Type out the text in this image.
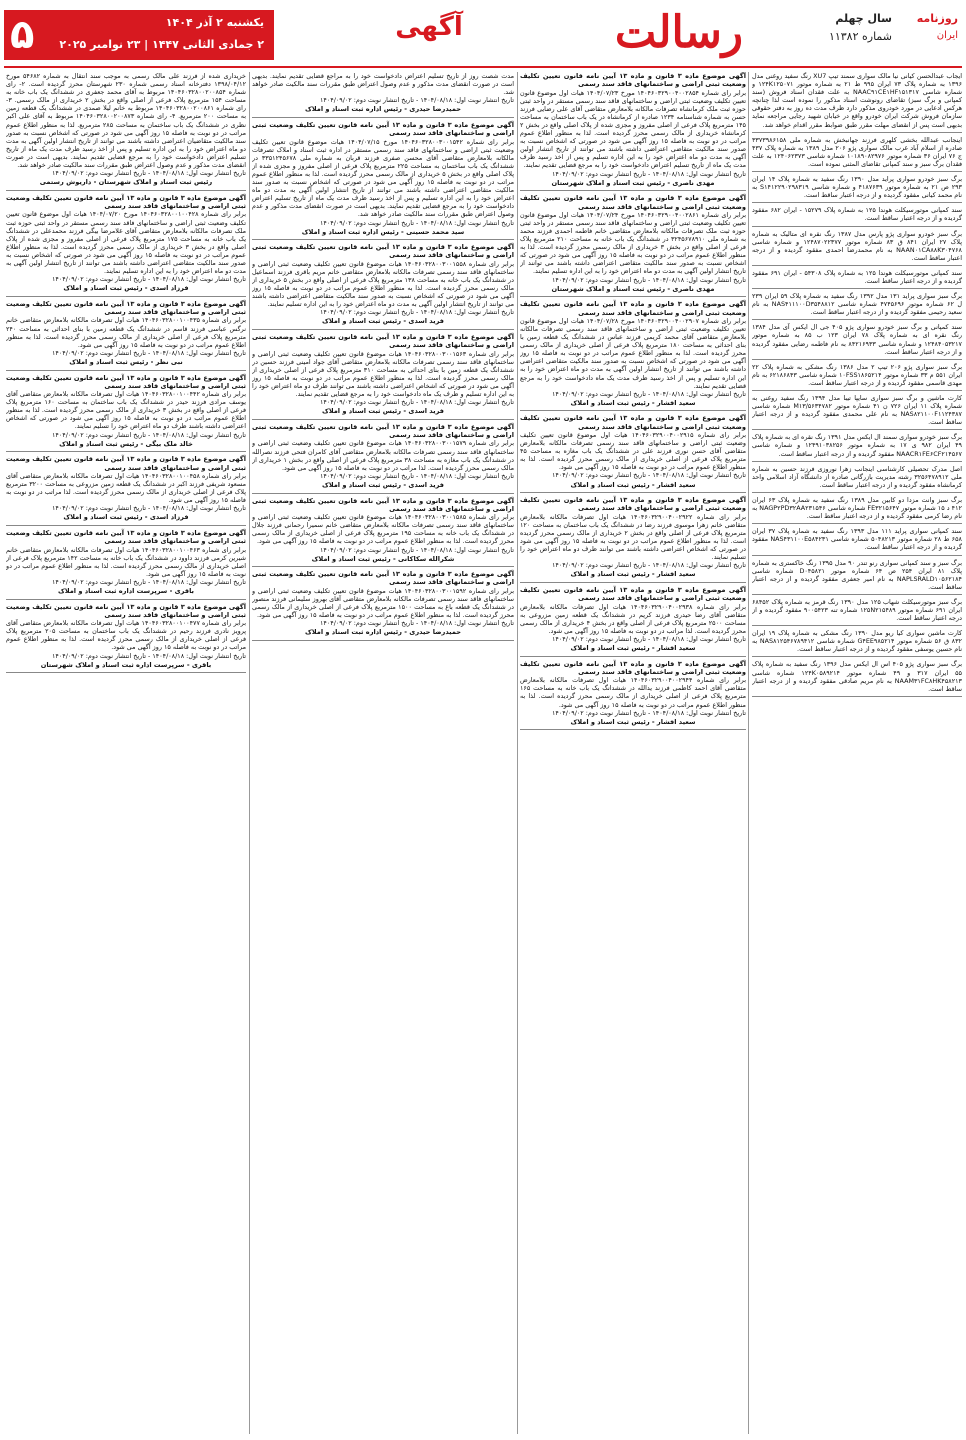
۵	یکشنبه ۲ آذر ۱۴۰۴
۲ جمادی الثانی ۱۴۴۷ | ۲۳ نوامبر ۲۰۲۵
آگهی	رسالت	روزنامه
ایران
سال چهلم
شماره ۱۱۳۸۲
ایجاب عبدالحسن کیانی نیا مالک سواری سمند تیپ XU7 رنگ سفید روغنی مدل ۱۳۹۶ به شماره پلاک ۷۳ ایران ۹۹۵ ط ۲۱ به شماره موتور ۱۲۴K۱۲۵۰۷۱ و شماره شاسی NAAC۹۱CE۱HF۱۵۱۳۱۷ به علت فقدان اسناد فروش (سند کمپانی و برگ سبز) تقاضای رونوشت اسناد مذکور را نموده است لذا چنانچه هرکس ادعایی در مورد خودروی مذکور دارد ظرف مدت ده روز به دفتر حقوقی سازمان فروش شرکت ایران خودرو واقع در خیابان شهید رجایی مراجعه نماید بدیهی است پس از انقضای مهلت مقرر طبق ضوابط مقرر اقدام خواهد شد.
اینجانب عبدالله بخشی کلهری فرزند جهانبخش به شماره ملی ۳۳۷۳۹۸۶۱۵۸ صادره از اسلام آباد غرب مالک سواری پژو ۲۰۶ مدل ۱۳۸۹ به شماره پلاک ۴۳۷ ج ۷۶ ایران ۳۶ شماره موتور ۱۰۱۸۹۰۸۲۹۷۶ شماره شاسی ۱۲۴۰۶۲۳۷۳ به علت فقدان برگ سبز و سند کمپانی تقاضای المثنی نموده است.
برگ سبز خودرو سواری پراید مدل ۱۳۹۰ رنگ سفید به شماره پلاک ۱۴ ایران ۲۹۳ ص ۲۱ به شماره موتور ۴۱۸۷۶۳۹ و شماره شاسی S۱۴۱۲۲۹۰۲۹۸۳۱۹ به نام محمد کیانی مفقود گردیده و از درجه اعتبار ساقط است.
سند کمپانی موتورسیکلت هوندا ۱۲۵ به شماره پلاک ۱۵۲۷۹ - ایران ۶۸۲ مفقود گردیده و از درجه اعتبار ساقط است.
برگ سبز خودرو سواری پژو پارس مدل ۱۳۸۷ رنگ نقره ای متالیک به شماره پلاک ۲۷ ایران ۸۴۱ ق ۸۳ شماره موتور ۱۲۴۸۷۰۲۲۳۷۷ و شماره شاسی NAAN۰۱CA۸۸K۳۰۴۷۶۸ به نام محمدرضا احمدی مفقود گردیده و از درجه اعتبار ساقط است.
سند کمپانی موتورسیکلت هوندا ۱۲۵ به شماره پلاک ۵۴۳۰۸ - ایران ۶۹۱ مفقود گردیده و از درجه اعتبار ساقط است.
برگ سبز سواری پراید ۱۳۱ مدل ۱۳۹۲ رنگ سفید به شماره پلاک ۵۹ ایران ۲۳۹ ل ۶۲ شماره موتور ۴۷۴۵۶۹۶ شماره شاسی NAS۴۱۱۱۰۰D۳۵۴۸۸۱۲ به نام سعید رحیمی مفقود گردیده و از درجه اعتبار ساقط است.
سند کمپانی و برگ سبز خودرو سواری پژو ۴۰۵ جی ال ایکس آی مدل ۱۳۸۴ رنگ نقره ای به شماره پلاک ۷۸ ایران ۱۲۳ ب ۸۵ به شماره موتور ۱۲۴۸۴۰۵۳۲۱۷ و شماره شاسی ۸۴۲۱۶۹۳۳ به نام فاطمه رضایی مفقود گردیده و از درجه اعتبار ساقط است.
برگ سبز سواری پژو ۲۰۶ تیپ ۲ مدل ۱۳۸۶ رنگ مشکی به شماره پلاک ۲۲ ایران ۵۵۱ م ۳۳ شماره موتور ۱۰FSS۱۸۶۵۲۱۴ شماره شاسی ۶۲۱۸۶۸۴۳ به نام مهدی قاسمی مفقود گردیده و از درجه اعتبار ساقط است.
کارت ماشین و برگ سبز سواری سایپا تیبا مدل ۱۳۹۴ رنگ سفید روغنی به شماره پلاک ۱۱ ایران ۷۲۶ ن ۴۱ شماره موتور M۱۳/۵۶۳۴۷۸۲ شماره شاسی NAS۸۲۱۱۰۰F۱۱۲۴۳۸۷ به نام علی محمدی مفقود گردیده و از درجه اعتبار ساقط است.
برگ سبز خودرو سواری سمند ال ایکس مدل ۱۳۹۱ رنگ نقره ای به شماره پلاک ۴۹ ایران ۹۸۲ ی ۱۷ به شماره موتور ۱۲۴۹۱۰۳۸۲۵۶ و شماره شاسی NAACR۱FE۶CF۲۱۴۵۶۷ مفقود گردیده و از درجه اعتبار ساقط است.
اصل مدرک تحصیلی کارشناسی اینجانب زهرا نوروزی فرزند حسین به شماره ملی ۳۲۵۶۴۷۸۹۱۲ رشته مدیریت بازرگانی صادره از دانشگاه آزاد اسلامی واحد کرمانشاه مفقود گردیده و از درجه اعتبار ساقط است.
برگ سبز وانت مزدا دو کابین مدل ۱۳۸۹ رنگ سفید به شماره پلاک ۶۳ ایران ۴۱۲ د ۱۵ شماره موتور FE۳۲۱۵۶۴۷ شماره شاسی NAGP۲PD۳۲AA۲۳۱۵۴۶ به نام رضا کرمی مفقود گردیده و از درجه اعتبار ساقط است.
سند کمپانی سواری پراید ۱۱۱ مدل ۱۳۹۳ رنگ سفید به شماره پلاک ۳۷ ایران ۶۵۸ ط ۲۸ شماره موتور ۵۰۴۸۲۱۳ شماره شاسی NAS۴۳۱۱۰۰E۵۸۴۲۳۱ مفقود گردیده و از درجه اعتبار ساقط است.
برگ سبز و سند کمپانی سواری رنو تندر ۹۰ مدل ۱۳۹۵ رنگ خاکستری به شماره پلاک ۸۱ ایران ۲۵۴ ص ۶۴ شماره موتور D۰۴۵۸۲۱ شماره شاسی NAPLSRALD۱۰۵۶۲۱۸۴ به نام امیر جعفری مفقود گردیده و از درجه اعتبار ساقط است.
برگ سبز موتورسیکلت شهاب ۱۲۵ مدل ۱۳۹۰ رنگ قرمز به شماره پلاک ۶۸۴۵۲ ایران ۶۹۱ شماره موتور ۱۲۵N۲۱۵۴۸۹ شماره تنه ۹۰۰۵۴۲۳ مفقود گردیده و از درجه اعتبار ساقط است.
کارت ماشین سواری کیا ریو مدل ۱۳۹۰ رنگ مشکی به شماره پلاک ۱۹ ایران ۸۳۲ ق ۵۶ شماره موتور G۴EE۹۸۵۲۱۴ شماره شاسی NAS۸۱۲۵۴۶۷۸۹۴۱۲ به نام حسین یوسفی مفقود گردیده و از درجه اعتبار ساقط است.
برگ سبز سواری پژو ۴۰۵ اس ال ایکس مدل ۱۳۹۶ رنگ سفید به شماره پلاک ۵۵ ایران ۳۱۷ و ۴۹ شماره موتور ۱۲۴K۰۵۸۹۲۱۴ شماره شاسی NAAM۳۱FC۸HK۴۵۸۲۱۳ به نام مریم صادقی مفقود گردیده و از درجه اعتبار ساقط است.
آگهی موضوع ماده ۳ قانون و ماده ۱۳ آیین نامه قانون تعیین تکلیف وضعیت ثبتی اراضی و ساختمانهای فاقد سند رسمی
برابر رای شماره ۱۴۰۴۶۰۳۲۹۰۰۴۰۰۲۸۵۴ مورخ ۱۴۰۴/۰۷/۲۳ هیات اول موضوع قانون تعیین تکلیف وضعیت ثبتی اراضی و ساختمانهای فاقد سند رسمی مستقر در واحد ثبتی حوزه ثبت ملک کرمانشاه تصرفات مالکانه بلامعارض متقاضی آقای علی رضایی فرزند حسن به شماره شناسنامه ۱۲۳۴ صادره از کرمانشاه در یک باب ساختمان به مساحت ۱۴۵ مترمربع پلاک فرعی از اصلی مفروز و مجزی شده از پلاک اصلی واقع در بخش ۲ کرمانشاه خریداری از مالک رسمی محرز گردیده است. لذا به منظور اطلاع عموم مراتب در دو نوبت به فاصله ۱۵ روز آگهی می شود در صورتی که اشخاص نسبت به صدور سند مالکیت متقاضی اعتراضی داشته باشند می توانند از تاریخ انتشار اولین آگهی به مدت دو ماه اعتراض خود را به این اداره تسلیم و پس از اخذ رسید ظرف مدت یک ماه از تاریخ تسلیم اعتراض دادخواست خود را به مرجع قضایی تقدیم نمایند.
تاریخ انتشار نوبت اول: ۱۴۰۴/۰۸/۱۸ - تاریخ انتشار نوبت دوم: ۱۴۰۴/۰۹/۰۲
مهدی ناصری - رئیس ثبت اسناد و املاک شهرستان
آگهی موضوع ماده ۳ قانون و ماده ۱۳ آیین نامه قانون تعیین تکلیف وضعیت ثبتی اراضی و ساختمانهای فاقد سند رسمی
برابر رای شماره ۱۴۰۴۶۰۳۲۹۰۰۴۰۰۲۸۶۱ مورخ ۱۴۰۴/۰۷/۲۴ هیات اول موضوع قانون تعیین تکلیف وضعیت ثبتی اراضی و ساختمانهای فاقد سند رسمی مستقر در واحد ثبتی حوزه ثبت ملک تصرفات مالکانه بلامعارض متقاضی خانم فاطمه احمدی فرزند محمد به شماره ملی ۳۲۴۵۶۷۸۹۱۰ در ششدانگ یک باب خانه به مساحت ۲۱۰ مترمربع پلاک فرعی از اصلی واقع در بخش ۳ خریداری از مالک رسمی محرز گردیده است. لذا به منظور اطلاع عموم مراتب در دو نوبت به فاصله ۱۵ روز آگهی می شود در صورتی که اشخاص نسبت به صدور سند مالکیت متقاضی اعتراضی داشته باشند می توانند از تاریخ انتشار اولین آگهی به مدت دو ماه اعتراض خود را به این اداره تسلیم نمایند.
تاریخ انتشار نوبت اول: ۱۴۰۴/۰۸/۱۸ - تاریخ انتشار نوبت دوم: ۱۴۰۴/۰۹/۰۲
مهدی ناصری - رئیس ثبت اسناد و املاک شهرستان
آگهی موضوع ماده ۳ قانون و ماده ۱۳ آیین نامه قانون تعیین تکلیف وضعیت ثبتی اراضی و ساختمانهای فاقد سند رسمی
برابر رای شماره ۱۴۰۴۶۰۳۲۹۰۰۴۰۰۲۹۰۷ مورخ ۱۴۰۴/۰۷/۲۸ هیات اول موضوع قانون تعیین تکلیف وضعیت ثبتی اراضی و ساختمانهای فاقد سند رسمی تصرفات مالکانه بلامعارض متقاضی آقای محمد کریمی فرزند عباس در ششدانگ یک قطعه زمین با بنای احداثی به مساحت ۱۸۰ مترمربع پلاک فرعی از اصلی خریداری از مالک رسمی محرز گردیده است. لذا به منظور اطلاع عموم مراتب در دو نوبت به فاصله ۱۵ روز آگهی می شود در صورتی که اشخاص نسبت به صدور سند مالکیت متقاضی اعتراضی داشته باشند می توانند از تاریخ انتشار اولین آگهی به مدت دو ماه اعتراض خود را به این اداره تسلیم و پس از اخذ رسید ظرف مدت یک ماه دادخواست خود را به مرجع قضایی تقدیم نمایند.
تاریخ انتشار نوبت اول: ۱۴۰۴/۰۸/۱۸ - تاریخ انتشار نوبت دوم: ۱۴۰۴/۰۹/۰۲
سعید افشار - رئیس ثبت اسناد و املاک
آگهی موضوع ماده ۳ قانون و ماده ۱۳ آیین نامه قانون تعیین تکلیف وضعیت ثبتی اراضی و ساختمانهای فاقد سند رسمی
برابر رای شماره ۱۴۰۴۶۰۳۲۹۰۰۴۰۰۲۹۱۵ هیات اول موضوع قانون تعیین تکلیف وضعیت ثبتی اراضی و ساختمانهای فاقد سند رسمی تصرفات مالکانه بلامعارض متقاضی آقای حسن نوری فرزند علی در ششدانگ یک باب مغازه به مساحت ۴۵ مترمربع پلاک فرعی از اصلی خریداری از مالک رسمی محرز گردیده است. لذا به منظور اطلاع عموم مراتب در دو نوبت به فاصله ۱۵ روز آگهی می شود.
تاریخ انتشار نوبت اول: ۱۴۰۴/۰۸/۱۸ - تاریخ انتشار نوبت دوم: ۱۴۰۴/۰۹/۰۲
سعید افشار - رئیس ثبت اسناد و املاک
آگهی موضوع ماده ۳ قانون و ماده ۱۳ آیین نامه قانون تعیین تکلیف وضعیت ثبتی اراضی و ساختمانهای فاقد سند رسمی
برابر رای شماره ۱۴۰۴۶۰۳۲۹۰۰۴۰۰۲۹۲۲ هیات اول تصرفات مالکانه بلامعارض متقاضی خانم زهرا موسوی فرزند رضا در ششدانگ یک باب ساختمان به مساحت ۱۲۰ مترمربع پلاک فرعی از اصلی واقع در بخش ۲ خریداری از مالک رسمی محرز گردیده است. لذا به منظور اطلاع عموم مراتب در دو نوبت به فاصله ۱۵ روز آگهی می شود در صورتی که اشخاص اعتراضی داشته باشند می توانند ظرف دو ماه اعتراض خود را تسلیم نمایند.
تاریخ انتشار نوبت اول: ۱۴۰۴/۰۸/۱۸ - تاریخ انتشار نوبت دوم: ۱۴۰۴/۰۹/۰۲
سعید افشار - رئیس ثبت اسناد و املاک
آگهی موضوع ماده ۳ قانون و ماده ۱۳ آیین نامه قانون تعیین تکلیف وضعیت ثبتی اراضی و ساختمانهای فاقد سند رسمی
برابر رای شماره ۱۴۰۴۶۰۳۲۹۰۰۴۰۰۲۹۳۸ هیات اول تصرفات مالکانه بلامعارض متقاضی آقای رضا حیدری فرزند کریم در ششدانگ یک قطعه زمین مزروعی به مساحت ۲۵۰۰ مترمربع پلاک فرعی از اصلی واقع در بخش ۴ خریداری از مالک رسمی محرز گردیده است. لذا مراتب در دو نوبت به فاصله ۱۵ روز آگهی می شود.
تاریخ انتشار نوبت اول: ۱۴۰۴/۰۸/۱۸ - تاریخ انتشار نوبت دوم: ۱۴۰۴/۰۹/۰۲
سعید افشار - رئیس ثبت اسناد و املاک
آگهی موضوع ماده ۳ قانون و ماده ۱۳ آیین نامه قانون تعیین تکلیف وضعیت ثبتی اراضی و ساختمانهای فاقد سند رسمی
برابر رای شماره ۱۴۰۴۶۰۳۲۹۰۰۴۰۰۲۹۴۴ هیات اول تصرفات مالکانه بلامعارض متقاضی آقای احمد کاظمی فرزند یدالله در ششدانگ یک باب خانه به مساحت ۱۶۵ مترمربع پلاک فرعی از اصلی خریداری از مالک رسمی محرز گردیده است. لذا به منظور اطلاع عموم مراتب در دو نوبت به فاصله ۱۵ روز آگهی می شود.
تاریخ انتشار نوبت اول: ۱۴۰۴/۰۸/۱۸ - تاریخ انتشار نوبت دوم: ۱۴۰۴/۰۹/۰۲
سعید افشار - رئیس ثبت اسناد و املاک
مدت شصت روز از تاریخ تسلیم اعتراض دادخواست خود را به مراجع قضایی تقدیم نمایند. بدیهی است در صورت انقضای مدت مذکور و عدم وصول اعتراض طبق مقررات سند مالکیت صادر خواهد شد.
تاریخ انتشار نوبت اول: ۱۴۰۴/۰۸/۱۸ - تاریخ انتشار نوبت دوم: ۱۴۰۴/۰۹/۰۲
حمیدرضا حیدری - رئیس اداره ثبت اسناد و املاک
آگهی موضوع ماده ۳ قانون و ماده ۱۳ آیین نامه قانون تعیین تکلیف وضعیت ثبتی اراضی و ساختمانهای فاقد سند رسمی
برابر رای شماره ۱۴۰۴۶۰۳۲۸۰۰۳۰۰۱۵۴۲ مورخ ۱۴۰۴/۰۷/۱۵ هیات موضوع قانون تعیین تکلیف وضعیت ثبتی اراضی و ساختمانهای فاقد سند رسمی مستقر در اداره ثبت اسناد و املاک تصرفات مالکانه بلامعارض متقاضی آقای محسن صفری فرزند قربان به شماره ملی ۳۳۵۱۲۴۵۶۷۸ در ششدانگ یک باب ساختمان به مساحت ۲۲۵ مترمربع پلاک فرعی از اصلی مفروز و مجزی شده از پلاک اصلی واقع در بخش ۵ خریداری از مالک رسمی محرز گردیده است. لذا به منظور اطلاع عموم مراتب در دو نوبت به فاصله ۱۵ روز آگهی می شود در صورتی که اشخاص نسبت به صدور سند مالکیت متقاضی اعتراضی داشته باشند می توانند از تاریخ انتشار اولین آگهی به مدت دو ماه اعتراض خود را به این اداره تسلیم و پس از اخذ رسید ظرف مدت یک ماه از تاریخ تسلیم اعتراض دادخواست خود را به مرجع قضایی تقدیم نمایند. بدیهی است در صورت انقضای مدت مذکور و عدم وصول اعتراض طبق مقررات سند مالکیت صادر خواهد شد.
تاریخ انتشار نوبت اول: ۱۴۰۴/۰۸/۱۸ - تاریخ انتشار نوبت دوم: ۱۴۰۴/۰۹/۰۲
سید محمد حسینی - رئیس اداره ثبت اسناد و املاک
آگهی موضوع ماده ۳ قانون و ماده ۱۳ آیین نامه قانون تعیین تکلیف وضعیت ثبتی اراضی و ساختمانهای فاقد سند رسمی
برابر رای شماره ۱۴۰۴۶۰۳۲۸۰۰۳۰۰۱۵۵۸ هیات موضوع قانون تعیین تکلیف وضعیت ثبتی اراضی و ساختمانهای فاقد سند رسمی تصرفات مالکانه بلامعارض متقاضی خانم مریم باقری فرزند اسماعیل در ششدانگ یک باب خانه به مساحت ۱۳۸ مترمربع پلاک فرعی از اصلی واقع در بخش ۵ خریداری از مالک رسمی محرز گردیده است. لذا به منظور اطلاع عموم مراتب در دو نوبت به فاصله ۱۵ روز آگهی می شود در صورتی که اشخاص نسبت به صدور سند مالکیت متقاضی اعتراضی داشته باشند می توانند از تاریخ انتشار اولین آگهی به مدت دو ماه اعتراض خود را به این اداره تسلیم نمایند.
تاریخ انتشار نوبت اول: ۱۴۰۴/۰۸/۱۸ - تاریخ انتشار نوبت دوم: ۱۴۰۴/۰۹/۰۲
فرید اسدی - رئیس ثبت اسناد و املاک
آگهی موضوع ماده ۳ قانون و ماده ۱۳ آیین نامه قانون تعیین تکلیف وضعیت ثبتی اراضی و ساختمانهای فاقد سند رسمی
برابر رای شماره ۱۴۰۴۶۰۳۲۸۰۰۳۰۰۱۵۶۳ هیات موضوع قانون تعیین تکلیف وضعیت ثبتی اراضی و ساختمانهای فاقد سند رسمی تصرفات مالکانه بلامعارض متقاضی آقای جواد امینی فرزند حسین در ششدانگ یک قطعه زمین با بنای احداثی به مساحت ۳۱۰ مترمربع پلاک فرعی از اصلی خریداری از مالک رسمی محرز گردیده است. لذا به منظور اطلاع عموم مراتب در دو نوبت به فاصله ۱۵ روز آگهی می شود در صورتی که اشخاص اعتراضی داشته باشند می توانند ظرف دو ماه اعتراض خود را به این اداره تسلیم و ظرف یک ماه دادخواست خود را به مرجع قضایی تقدیم نمایند.
تاریخ انتشار نوبت اول: ۱۴۰۴/۰۸/۱۸ - تاریخ انتشار نوبت دوم: ۱۴۰۴/۰۹/۰۲
فرید اسدی - رئیس ثبت اسناد و املاک
آگهی موضوع ماده ۳ قانون و ماده ۱۳ آیین نامه قانون تعیین تکلیف وضعیت ثبتی اراضی و ساختمانهای فاقد سند رسمی
برابر رای شماره ۱۴۰۴۶۰۳۲۸۰۰۳۰۰۱۵۷۹ هیات موضوع قانون تعیین تکلیف وضعیت ثبتی اراضی و ساختمانهای فاقد سند رسمی تصرفات مالکانه بلامعارض متقاضی آقای کامران فتحی فرزند نصرالله در ششدانگ یک باب مغازه به مساحت ۳۸ مترمربع پلاک فرعی از اصلی واقع در بخش ۱ خریداری از مالک رسمی محرز گردیده است. لذا مراتب در دو نوبت به فاصله ۱۵ روز آگهی می شود.
تاریخ انتشار نوبت اول: ۱۴۰۴/۰۸/۱۸ - تاریخ انتشار نوبت دوم: ۱۴۰۴/۰۹/۰۲
فرید اسدی - رئیس ثبت اسناد و املاک
آگهی موضوع ماده ۳ قانون و ماده ۱۳ آیین نامه قانون تعیین تکلیف وضعیت ثبتی اراضی و ساختمانهای فاقد سند رسمی
برابر رای شماره ۱۴۰۴۶۰۳۲۸۰۰۳۰۰۱۵۸۵ هیات موضوع قانون تعیین تکلیف وضعیت ثبتی اراضی و ساختمانهای فاقد سند رسمی تصرفات مالکانه بلامعارض متقاضی خانم سمیرا رحمانی فرزند جلال در ششدانگ یک باب خانه به مساحت ۱۹۵ مترمربع پلاک فرعی از اصلی خریداری از مالک رسمی محرز گردیده است. لذا به منظور اطلاع عموم مراتب در دو نوبت به فاصله ۱۵ روز آگهی می شود.
تاریخ انتشار نوبت اول: ۱۴۰۴/۰۸/۱۸ - تاریخ انتشار نوبت دوم: ۱۴۰۴/۰۹/۰۲
شکرالله سکاکانی - رئیس ثبت اسناد و املاک
آگهی موضوع ماده ۳ قانون و ماده ۱۳ آیین نامه قانون تعیین تکلیف وضعیت ثبتی اراضی و ساختمانهای فاقد سند رسمی
برابر رای شماره ۱۴۰۴۶۰۳۲۸۰۰۳۰۰۱۵۹۲ هیات موضوع قانون تعیین تکلیف وضعیت ثبتی اراضی و ساختمانهای فاقد سند رسمی تصرفات مالکانه بلامعارض متقاضی آقای بهروز سلیمانی فرزند منصور در ششدانگ یک قطعه باغ به مساحت ۱۵۰۰ مترمربع پلاک فرعی از اصلی خریداری از مالک رسمی محرز گردیده است. لذا به منظور اطلاع عموم مراتب در دو نوبت به فاصله ۱۵ روز آگهی می شود.
تاریخ انتشار نوبت اول: ۱۴۰۴/۰۸/۱۸ - تاریخ انتشار نوبت دوم: ۱۴۰۴/۰۹/۰۲
حمیدرضا حیدری - رئیس اداره ثبت اسناد و املاک
خریداری شده از فرزند علی مالک رسمی به موجب سند انتقال به شماره ۵۴۶۸۲ مورخ ۱۳۹۸/۰۴/۱۲ دفترخانه اسناد رسمی شماره ۲۳۰ شهرستان محرز گردیده است. ۲- رای شماره ۱۴۰۴۶۰۳۲۸۰۰۲۰۰۸۵۴ مربوط به آقای محمد جعفری در ششدانگ یک باب خانه به مساحت ۱۵۴ مترمربع پلاک فرعی از اصلی واقع در بخش ۲ خریداری از مالک رسمی. ۳- رای شماره ۱۴۰۴۶۰۳۲۸۰۰۲۰۰۸۶۱ مربوط به خانم لیلا صمدی در ششدانگ یک قطعه زمین به مساحت ۲۰۰ مترمربع. ۴- رای شماره ۱۴۰۴۶۰۳۲۸۰۰۲۰۰۸۷۳ مربوط به آقای علی اکبر نظری در ششدانگ یک باب ساختمان به مساحت ۲۸۵ مترمربع. لذا به منظور اطلاع عموم مراتب در دو نوبت به فاصله ۱۵ روز آگهی می شود در صورتی که اشخاص نسبت به صدور سند مالکیت متقاضیان اعتراضی داشته باشند می توانند از تاریخ انتشار اولین آگهی به مدت دو ماه اعتراض خود را به این اداره تسلیم و پس از اخذ رسید ظرف مدت یک ماه از تاریخ تسلیم اعتراض دادخواست خود را به مرجع قضایی تقدیم نمایند. بدیهی است در صورت انقضای مدت مذکور و عدم وصول اعتراض طبق مقررات سند مالکیت صادر خواهد شد.
تاریخ انتشار نوبت اول: ۱۴۰۴/۰۸/۱۸ - تاریخ انتشار نوبت دوم: ۱۴۰۴/۰۹/۰۲
رئیس ثبت اسناد و املاک شهرستان - داریوش رستمی
آگهی موضوع ماده ۳ قانون و ماده ۱۳ آیین نامه قانون تعیین تکلیف وضعیت ثبتی اراضی و ساختمانهای فاقد سند رسمی
برابر رای شماره ۱۴۰۴۶۰۳۲۸۰۰۱۰۰۴۲۸ مورخ ۱۴۰۴/۰۷/۲۰ هیات اول موضوع قانون تعیین تکلیف وضعیت ثبتی اراضی و ساختمانهای فاقد سند رسمی مستقر در واحد ثبتی حوزه ثبت ملک تصرفات مالکانه بلامعارض متقاضی آقای غلامرضا بیگی فرزند محمدعلی در ششدانگ یک باب خانه به مساحت ۱۷۵ مترمربع پلاک فرعی از اصلی مفروز و مجزی شده از پلاک اصلی واقع در بخش ۳ خریداری از مالک رسمی محرز گردیده است. لذا به منظور اطلاع عموم مراتب در دو نوبت به فاصله ۱۵ روز آگهی می شود در صورتی که اشخاص نسبت به صدور سند مالکیت متقاضی اعتراضی داشته باشند می توانند از تاریخ انتشار اولین آگهی به مدت دو ماه اعتراض خود را به این اداره تسلیم نمایند.
تاریخ انتشار نوبت اول: ۱۴۰۴/۰۸/۱۸ - تاریخ انتشار نوبت دوم: ۱۴۰۴/۰۹/۰۲
فرزاد اسدی - رئیس ثبت اسناد و املاک
آگهی موضوع ماده ۳ قانون و ماده ۱۳ آیین نامه قانون تعیین تکلیف وضعیت ثبتی اراضی و ساختمانهای فاقد سند رسمی
برابر رای شماره ۱۴۰۴۶۰۳۲۸۰۰۱۰۰۴۳۵ هیات اول تصرفات مالکانه بلامعارض متقاضی خانم نرگس عباسی فرزند قاسم در ششدانگ یک قطعه زمین با بنای احداثی به مساحت ۲۴۰ مترمربع پلاک فرعی از اصلی خریداری از مالک رسمی محرز گردیده است. لذا به منظور اطلاع عموم مراتب در دو نوبت به فاصله ۱۵ روز آگهی می شود.
تاریخ انتشار نوبت اول: ۱۴۰۴/۰۸/۱۸ - تاریخ انتشار نوبت دوم: ۱۴۰۴/۰۹/۰۲
نبی نظر - رئیس ثبت اسناد و املاک
آگهی موضوع ماده ۳ قانون و ماده ۱۳ آیین نامه قانون تعیین تکلیف وضعیت ثبتی اراضی و ساختمانهای فاقد سند رسمی
برابر رای شماره ۱۴۰۴۶۰۳۲۸۰۰۱۰۰۴۴۲ هیات اول تصرفات مالکانه بلامعارض متقاضی آقای یوسف مرادی فرزند حیدر در ششدانگ یک باب ساختمان به مساحت ۱۶۰ مترمربع پلاک فرعی از اصلی واقع در بخش ۳ خریداری از مالک رسمی محرز گردیده است. لذا به منظور اطلاع عموم مراتب در دو نوبت به فاصله ۱۵ روز آگهی می شود در صورتی که اشخاص اعتراضی داشته باشند ظرف دو ماه اعتراض خود را تسلیم نمایند.
تاریخ انتشار نوبت اول: ۱۴۰۴/۰۸/۱۸ - تاریخ انتشار نوبت دوم: ۱۴۰۴/۰۹/۰۲
خالد ملک بیگی - رئیس ثبت اسناد و املاک
آگهی موضوع ماده ۳ قانون و ماده ۱۳ آیین نامه قانون تعیین تکلیف وضعیت ثبتی اراضی و ساختمانهای فاقد سند رسمی
برابر رای شماره ۱۴۰۴۶۰۳۲۸۰۰۱۰۰۴۵۸ هیات اول تصرفات مالکانه بلامعارض متقاضی آقای مسعود شریفی فرزند اکبر در ششدانگ یک قطعه زمین مزروعی به مساحت ۳۲۰۰ مترمربع پلاک فرعی از اصلی خریداری از مالک رسمی محرز گردیده است. لذا مراتب در دو نوبت به فاصله ۱۵ روز آگهی می شود.
تاریخ انتشار نوبت اول: ۱۴۰۴/۰۸/۱۸ - تاریخ انتشار نوبت دوم: ۱۴۰۴/۰۹/۰۲
فرزاد اسدی - رئیس ثبت اسناد و املاک
آگهی موضوع ماده ۳ قانون و ماده ۱۳ آیین نامه قانون تعیین تکلیف وضعیت ثبتی اراضی و ساختمانهای فاقد سند رسمی
برابر رای شماره ۱۴۰۴۶۰۳۲۸۰۰۱۰۰۴۶۳ هیات اول تصرفات مالکانه بلامعارض متقاضی خانم شیرین کرمی فرزند داوود در ششدانگ یک باب خانه به مساحت ۱۴۲ مترمربع پلاک فرعی از اصلی خریداری از مالک رسمی محرز گردیده است. لذا به منظور اطلاع عموم مراتب در دو نوبت به فاصله ۱۵ روز آگهی می شود.
تاریخ انتشار نوبت اول: ۱۴۰۴/۰۸/۱۸ - تاریخ انتشار نوبت دوم: ۱۴۰۴/۰۹/۰۲
باقری - سرپرست اداره ثبت اسناد و املاک
آگهی موضوع ماده ۳ قانون و ماده ۱۳ آیین نامه قانون تعیین تکلیف وضعیت ثبتی اراضی و ساختمانهای فاقد سند رسمی
برابر رای شماره ۱۴۰۴۶۰۳۲۸۰۰۱۰۰۴۷۷ هیات اول تصرفات مالکانه بلامعارض متقاضی آقای پرویز نادری فرزند رحیم در ششدانگ یک باب ساختمان به مساحت ۲۰۵ مترمربع پلاک فرعی از اصلی خریداری از مالک رسمی محرز گردیده است. لذا به منظور اطلاع عموم مراتب در دو نوبت به فاصله ۱۵ روز آگهی می شود.
تاریخ انتشار نوبت اول: ۱۴۰۴/۰۸/۱۸ - تاریخ انتشار نوبت دوم: ۱۴۰۴/۰۹/۰۲
باقری - سرپرست اداره ثبت اسناد و املاک شهرستان
